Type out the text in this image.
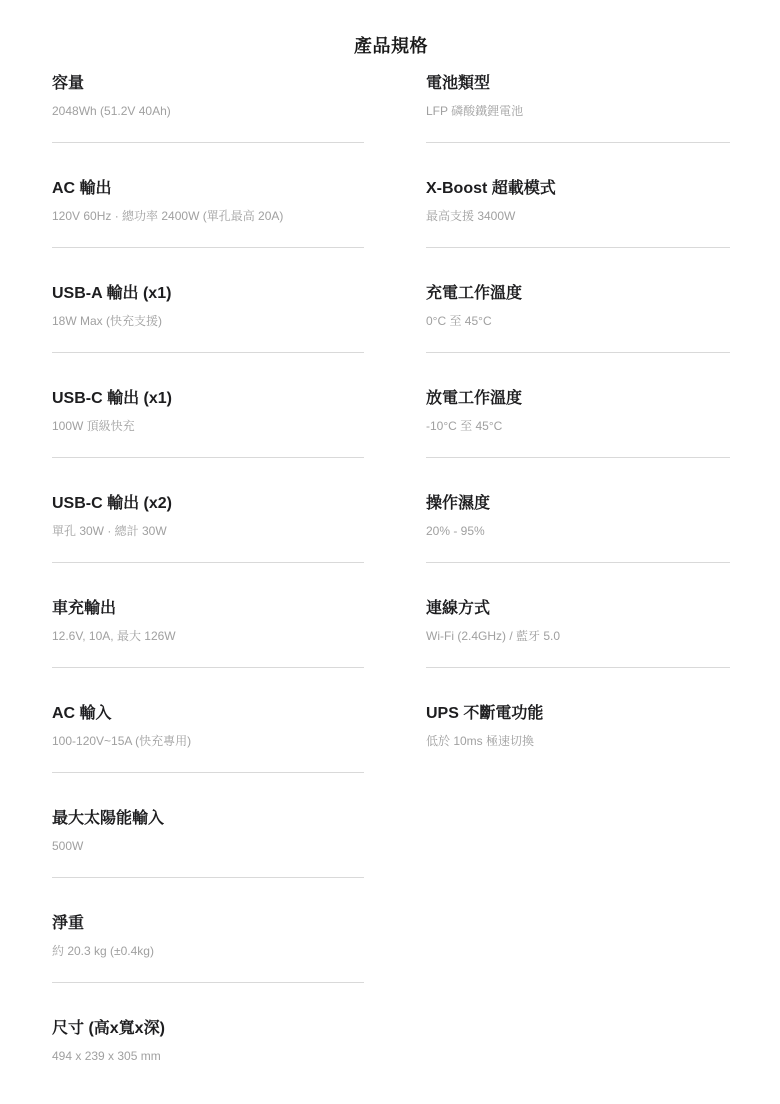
產品規格
容量

2048Wh (51.2V 40Ah)

AC 輸出

120V 60Hz · 總功率 2400W (單孔最高 20A)

USB-A 輸出 (x1)

18W Max (快充支援)

USB-C 輸出 (x1)

100W 頂級快充

USB-C 輸出 (x2)

單孔 30W · 總計 30W

車充輸出

12.6V, 10A, 最大 126W

AC 輸入

100-120V~15A (快充專用)

最大太陽能輸入

500W

淨重

約 20.3 kg (±0.4kg)

尺寸 (高x寬x深)

494 x 239 x 305 mm

電池類型

LFP 磷酸鐵鋰電池

X-Boost 超載模式

最高支援 3400W

充電工作溫度

0°C 至 45°C

放電工作溫度

-10°C 至 45°C

操作濕度

20% - 95%

連線方式

Wi-Fi (2.4GHz) / 藍牙 5.0

UPS 不斷電功能

低於 10ms 極速切換
